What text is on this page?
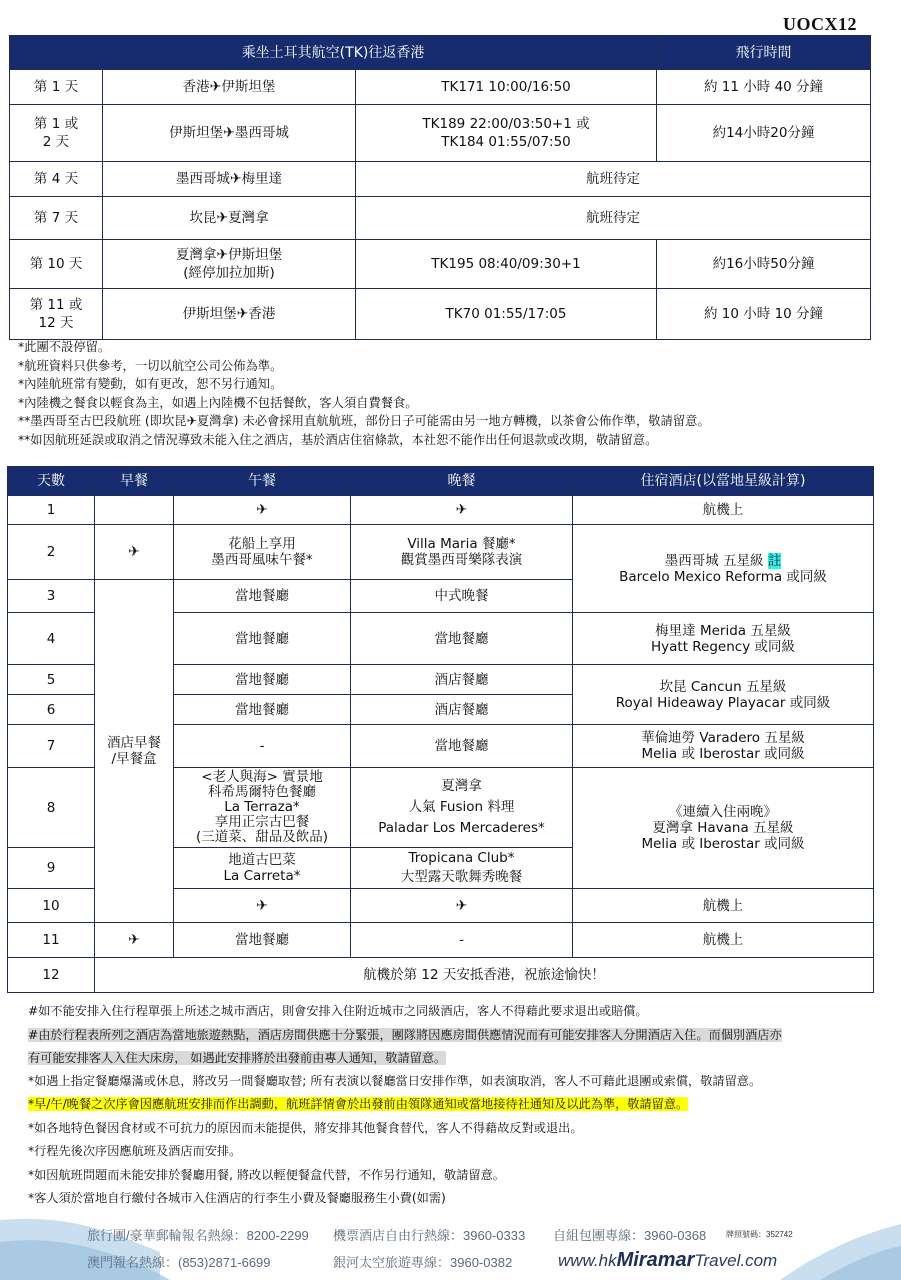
UOCX12
乘坐土耳其航空(TK)往返香港			飛行時間

第 1 天	香港✈伊斯坦堡	TK171 10:00/16:50	約 11 小時 40 分鐘

第 1 或
2 天	伊斯坦堡✈墨西哥城	TK189 22:00/03:50+1 或
TK184 01:55/07:50	約14小時20分鐘

第 4 天	墨西哥城✈梅里達	航班待定	

第 7 天	坎昆✈夏灣拿	航班待定	

第 10 天	夏灣拿✈伊斯坦堡
(經停加拉加斯)	TK195 08:40/09:30+1	約16小時50分鐘

第 11 或
12 天	伊斯坦堡✈香港	TK70 01:55/17:05	約 10 小時 10 分鐘
*此團不設停留。
*航班資料只供參考，一切以航空公司公佈為準。
*內陸航班常有變動，如有更改，恕不另行通知。
*內陸機之餐食以輕食為主，如遇上內陸機不包括餐飲，客人須自費餐食。
**墨西哥至古巴段航班 (即坎昆✈夏灣拿) 未必會採用直航航班，部份日子可能需由另一地方轉機，以茶會公佈作準，敬請留意。
**如因航班延誤或取消之情況導致未能入住之酒店，基於酒店住宿條款，本社恕不能作出任何退款或改期，敬請留意。
天數	早餐	午餐	晚餐	住宿酒店(以當地星級計算)
1		✈	✈	航機上
2	✈	花船上享用
墨西哥風味午餐*	Villa Maria 餐廳*
觀賞墨西哥樂隊表演	墨西哥城 五星級 註
Barcelo Mexico Reforma 或同級

3	酒店早餐
/早餐盒	當地餐廳	中式晚餐	
4		當地餐廳	當地餐廳	梅里達 Merida 五星級
Hyatt Regency 或同級

5		當地餐廳	酒店餐廳	坎昆 Cancun 五星級
Royal Hideaway Playacar 或同級

6		當地餐廳	酒店餐廳	
7		-	當地餐廳	華倫迪勞 Varadero 五星級
Melia 或 Iberostar 或同級

8		<老人與海> 實景地
科希馬爾特色餐廳
La Terraza*
享用正宗古巴餐
(三道菜、甜品及飲品)	夏灣拿
人氣 Fusion 料理
Paladar Los Mercaderes*	《連續入住兩晚》
夏灣拿 Havana 五星級
Melia 或 Iberostar 或同級

9		地道古巴菜
La Carreta*	Tropicana Club*
大型露天歌舞秀晚餐	

10		✈	✈	航機上
11	✈	當地餐廳	-	航機上
12	航機於第 12 天安抵香港，祝旅途愉快！			
#如不能安排入住行程單張上所述之城市酒店，則會安排入住附近城市之同級酒店，客人不得藉此要求退出或賠償。
#由於行程表所列之酒店為當地旅遊熱點，酒店房間供應十分緊張，團隊將因應房間供應情況而有可能安排客人分開酒店入住。而個別酒店亦
有可能安排客人入住大床房， 如遇此安排將於出發前由專人通知，敬請留意。
*如遇上指定餐廳爆滿或休息，將改另一間餐廳取替; 所有表演以餐廳當日安排作準，如表演取消，客人不可藉此退團或索償，敬請留意。
*早/午/晚餐之次序會因應航班安排而作出調動，航班詳情會於出發前由領隊通知或當地接待社通知及以此為準，敬請留意。
*如各地特色餐因食材或不可抗力的原因而未能提供，將安排其他餐食替代，客人不得藉故反對或退出。
*行程先後次序因應航班及酒店而安排。
*如因航班問題而未能安排於餐廳用餐, 將改以輕便餐盒代替，不作另行通知，敬請留意。
*客人須於當地自行繳付各城市入住酒店的行李生小費及餐廳服務生小費(如需)
旅行團/豪華郵輪報名熱線：8200-2299 機票酒店自由行熱線：3960-0333 自組包團專線：3960-0368 牌照號碼：352742
澳門報名熱線：(853)2871-6699	銀河太空旅遊專線：3960-0382	www.hkMiramarTravel.com
